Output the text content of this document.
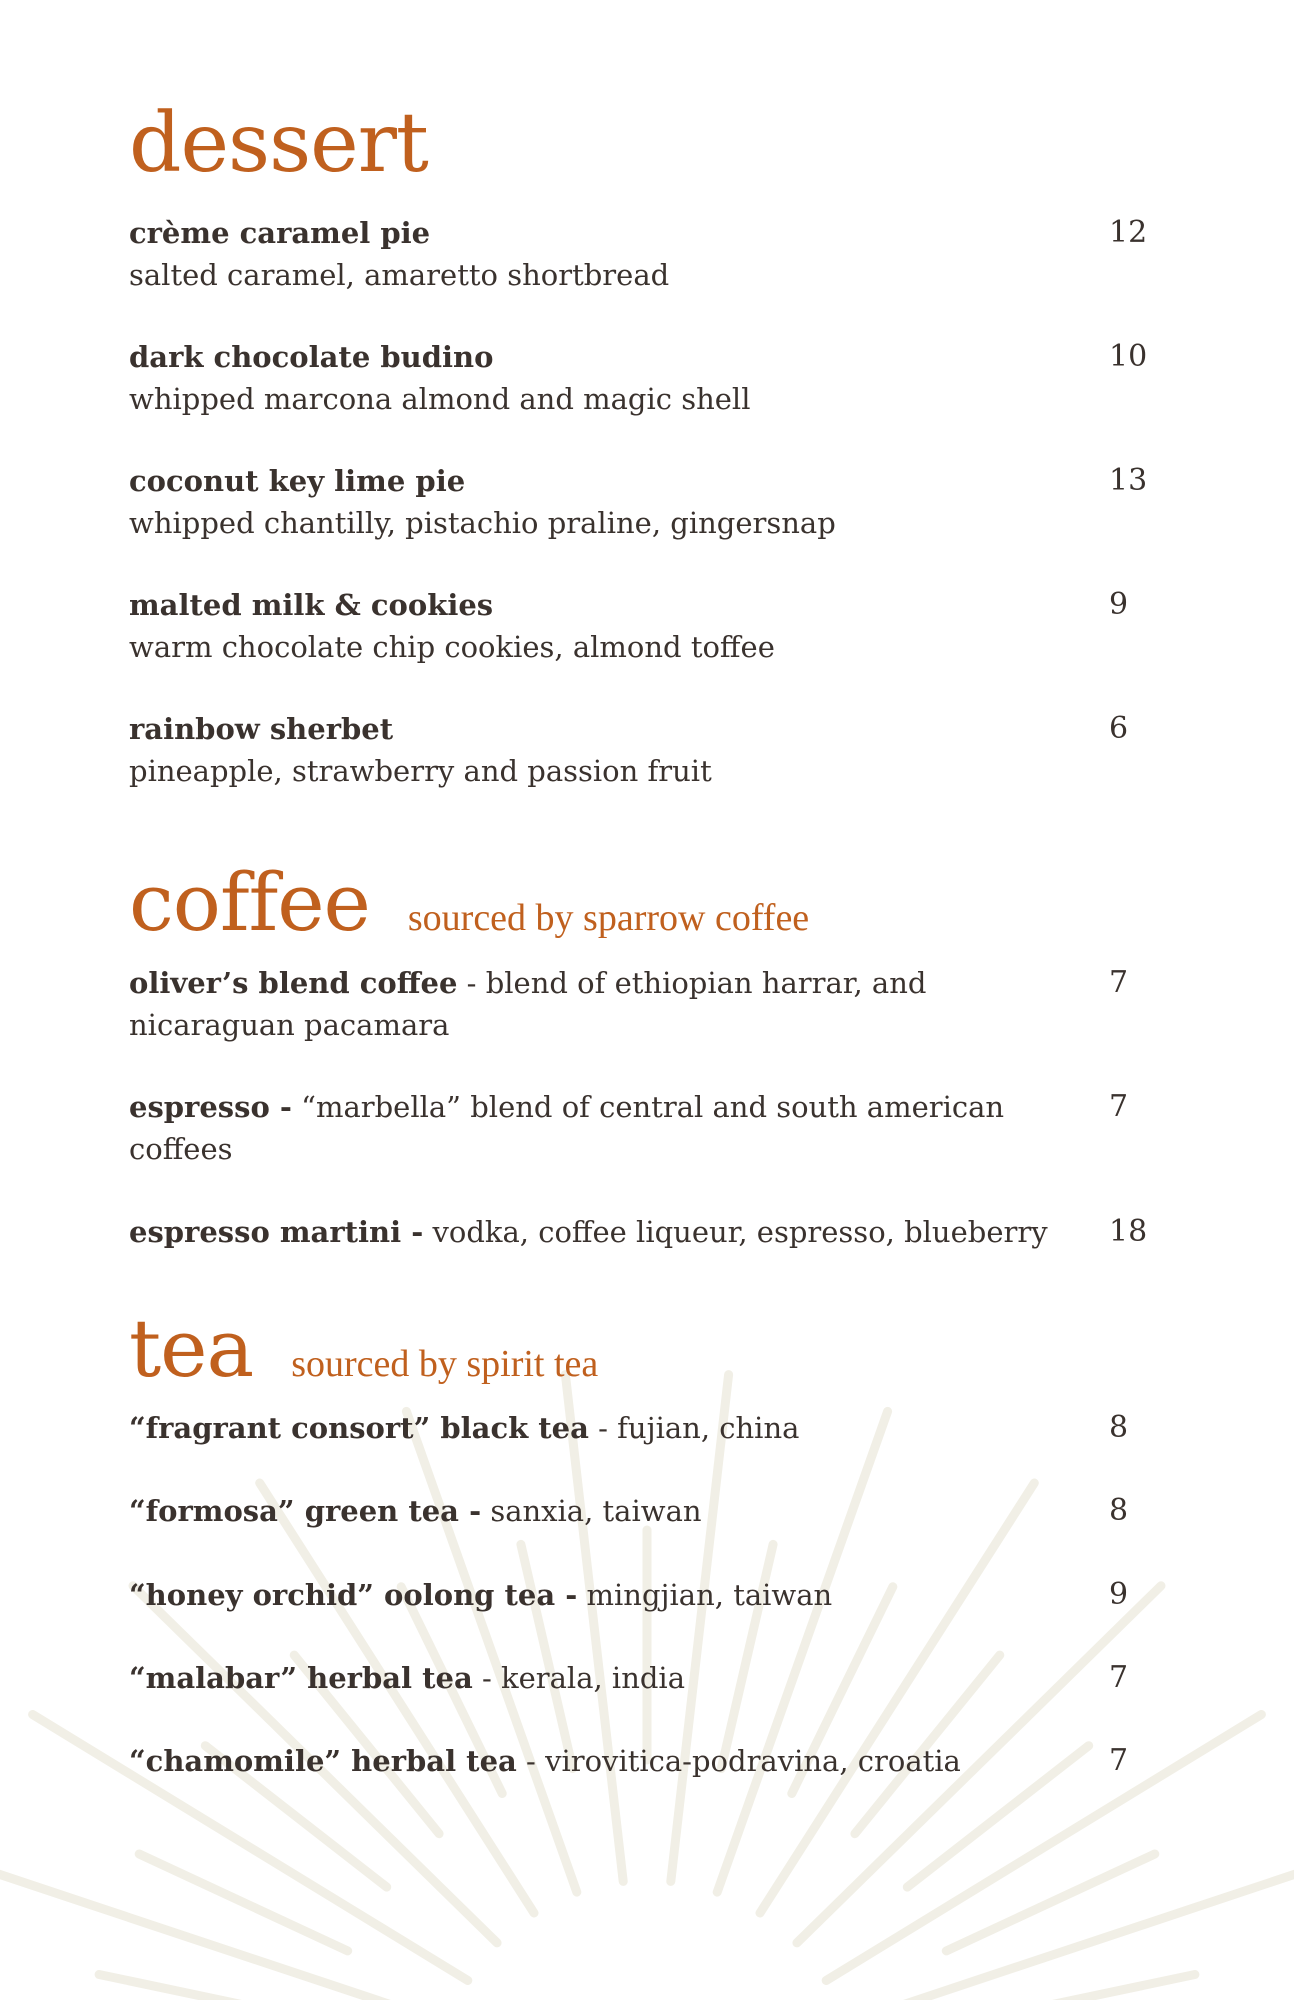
dessert
crème caramel pie
salted caramel, amaretto shortbread
12
dark chocolate budino
whipped marcona almond and magic shell
10
coconut key lime pie
whipped chantilly, pistachio praline, gingersnap
13
malted milk & cookies
warm chocolate chip cookies, almond toffee
9
rainbow sherbet
pineapple, strawberry and passion fruit
6
coffee sourced by sparrow coffee
oliver’s blend coffee - blend of ethiopian harrar, and nicaraguan pacamara
7
espresso - “marbella” blend of central and south american coffees
7
espresso martini - vodka, coffee liqueur, espresso, blueberry	18
tea sourced by spirit tea
“fragrant consort” black tea - fujian, china	8
“formosa” green tea - sanxia, taiwan	8
“honey orchid” oolong tea - mingjian, taiwan	9
“malabar” herbal tea - kerala, india	7
“chamomile” herbal tea - virovitica-podravina, croatia	7
